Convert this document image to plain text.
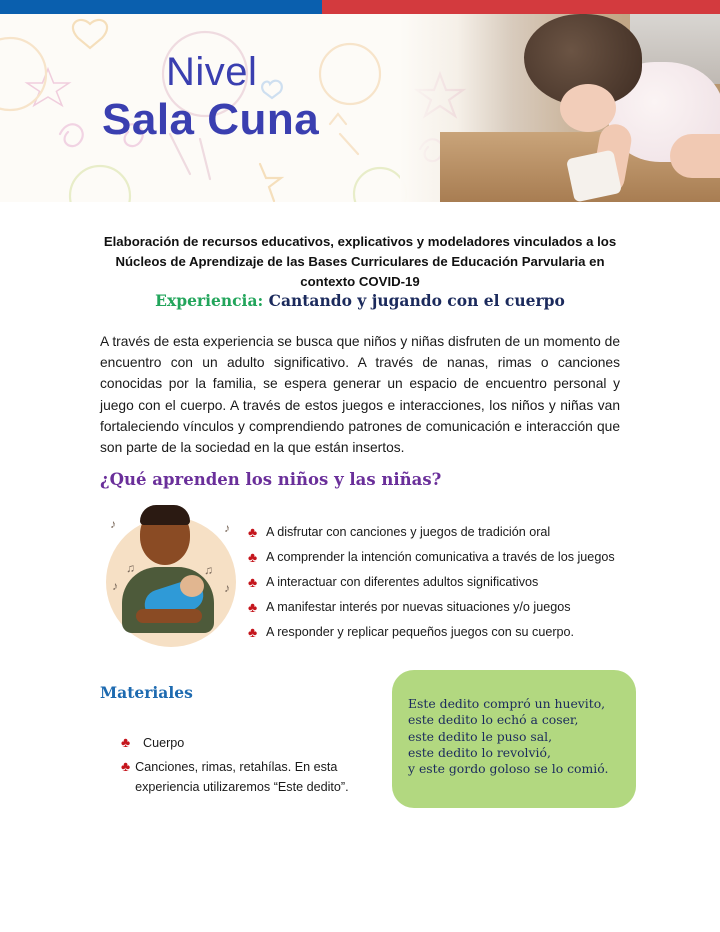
Nivel
Sala Cuna
Elaboración de recursos educativos, explicativos y modeladores vinculados a los Núcleos de Aprendizaje de las Bases Curriculares de Educación Parvularia en contexto COVID-19
Experiencia: Cantando y jugando con el cuerpo

A través de esta experiencia se busca que niños y niñas disfruten de un momento de encuentro con un adulto significativo. A través de nanas, rimas o canciones conocidas por la familia, se espera generar un espacio de encuentro personal y juego con el cuerpo. A través de estos juegos e interacciones, los niños y niñas van fortaleciendo vínculos y comprendiendo patrones de comunicación e interacción que son parte de la sociedad en la que están insertos.

¿Qué aprenden los niños y las niñas?
♪	♪
♫	♫
♪	♪
♣ A disfrutar con canciones y juegos de tradición oral
♣ A comprender la intención comunicativa a través de los juegos
♣ A interactuar con diferentes adultos significativos
♣ A manifestar interés por nuevas situaciones y/o juegos
♣ A responder y replicar pequeños juegos con su cuerpo.
Materiales
♣	Cuerpo
♣ Canciones, rimas, retahílas. En esta experiencia utilizaremos “Este dedito”.
Este dedito compró un huevito,
este dedito lo echó a coser,
este dedito le puso sal,
este dedito lo revolvió,
y este gordo goloso se lo comió.
